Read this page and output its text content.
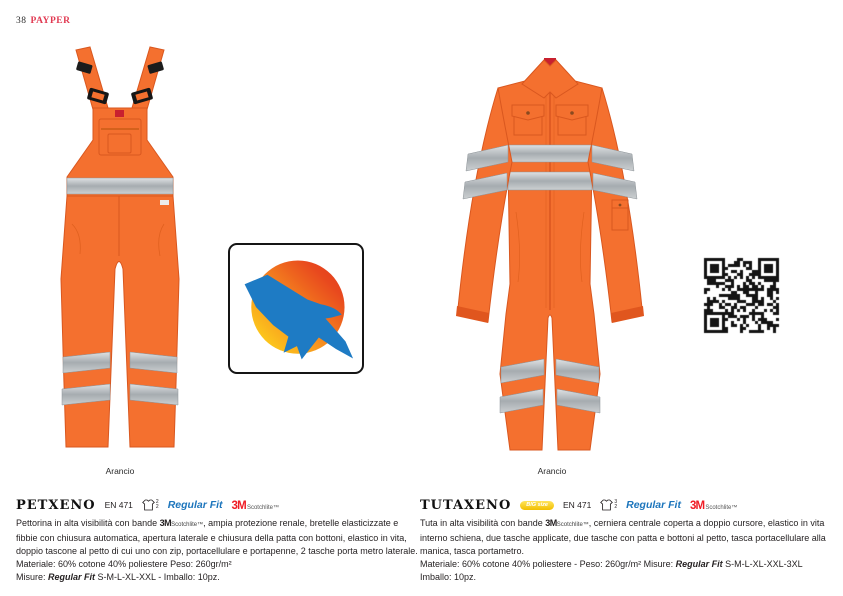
38 PAYPER
Arancio	Arancio
PETXENO EN 471	2
2 Regular Fit 3MScotchlite™

Pettorina in alta visibilità con bande 3MScotchlite™, ampia protezione renale, bretelle elasticizzate e fibbie con chiusura automatica, apertura laterale e chiusura della patta con bottoni, elastico in vita, doppio tascone al petto di cui uno con zip, portacellulare e portapenne, 2 tasche porta metro laterale. Materiale: 60% cotone 40% poliestere Peso: 260gr/m²

Misure: Regular Fit S-M-L-XL-XXL - Imballo: 10pz.

TUTAXENO	BIG size	EN 471	3
2 Regular Fit 3MScotchlite™

Tuta in alta visibilità con bande 3MScotchlite™, cerniera centrale coperta a doppio cursore, elastico in vita interno schiena, due tasche applicate, due tasche con patta e bottoni al petto, tasca portacellulare alla manica, tasca portametro.

Materiale: 60% cotone 40% poliestere - Peso: 260gr/m² Misure: Regular Fit S-M-L-XL-XXL-3XL

Imballo: 10pz.
